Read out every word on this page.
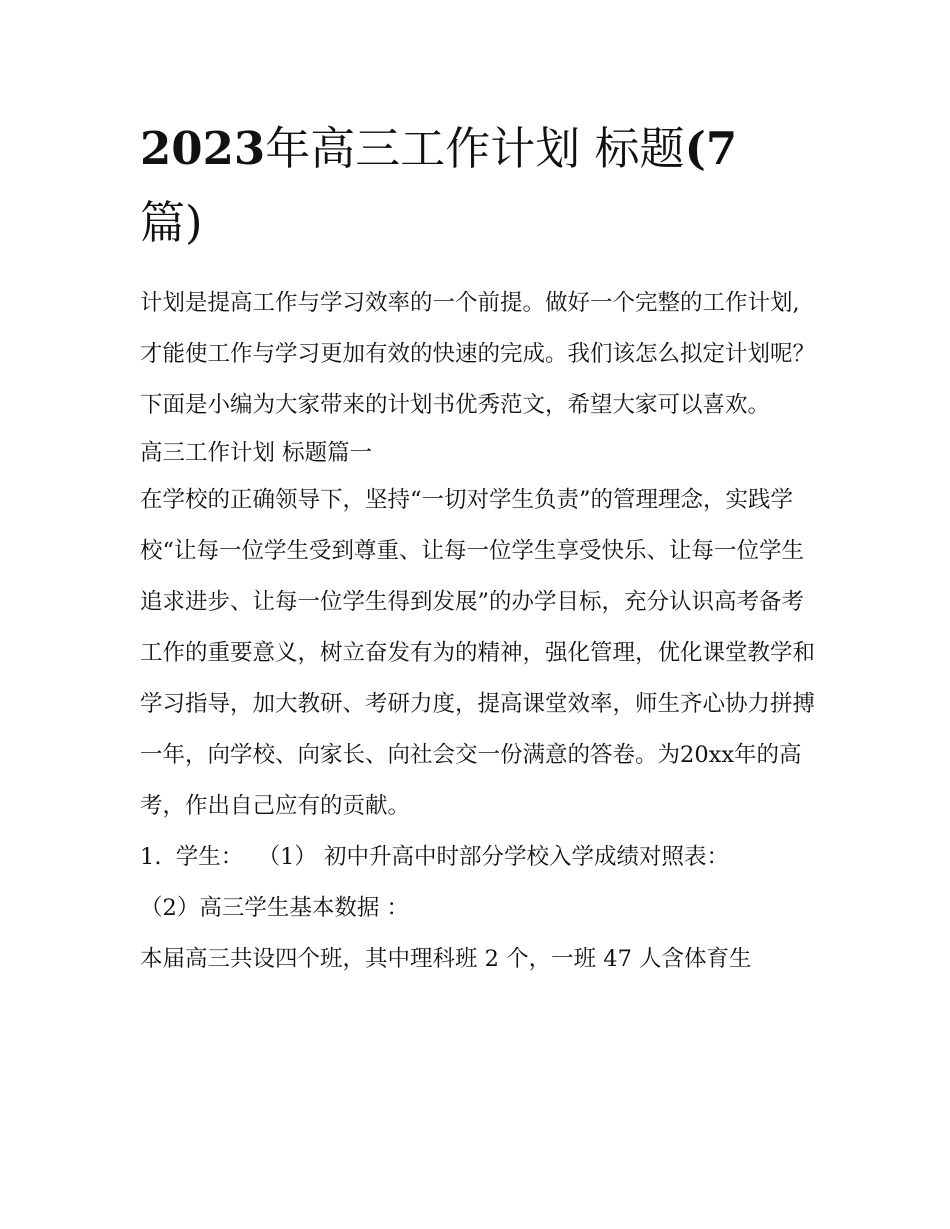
2023年高三工作计划 标题(7
篇)

计划是提高工作与学习效率的一个前提。做好一个完整的工作计划,才能使工作与学习更加有效的快速的完成。我们该怎么拟定计划呢？下面是小编为大家带来的计划书优秀范文，希望大家可以喜欢。

高三工作计划 标题篇一

在学校的正确领导下，坚持“一切对学生负责”的管理理念，实践学校“让每一位学生受到尊重、让每一位学生享受快乐、让每一位学生追求进步、让每一位学生得到发展”的办学目标，充分认识高考备考工作的重要意义，树立奋发有为的精神，强化管理，优化课堂教学和学习指导，加大教研、考研力度，提高课堂效率，师生齐心协力拼搏一年，向学校、向家长、向社会交一份满意的答卷。为20xx年的高考，作出自己应有的贡献。

1.  学生：  （1） 初中升高中时部分学校入学成绩对照表：

（2）高三学生基本数据 ：

本届高三共设四个班，其中理科班 2 个，一班 47 人含体育生
